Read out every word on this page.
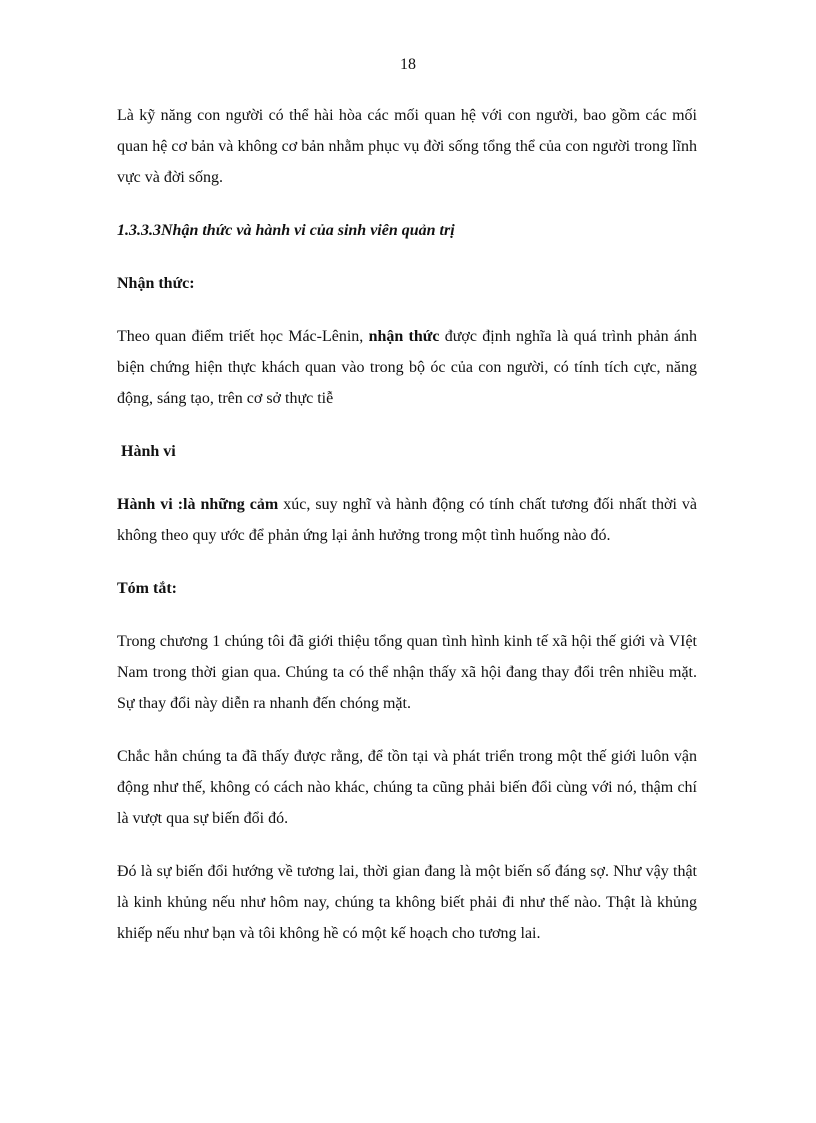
18

Là kỹ năng con người có thể hài hòa các mối quan hệ với con người, bao gồm các mối quan hệ cơ bản và không cơ bản nhằm phục vụ đời sống tổng thể của con người trong lĩnh vực và đời sống.

1.3.3.3Nhận thức và hành vi của sinh viên quản trị

Nhận thức:

Theo quan điểm triết học Mác-Lênin, nhận thức được định nghĩa là quá trình phản ánh biện chứng hiện thực khách quan vào trong bộ óc của con người, có tính tích cực, năng động, sáng tạo, trên cơ sở thực tiễ

Hành vi

Hành vi :là những cảm xúc, suy nghĩ và hành động có tính chất tương đối nhất thời và không theo quy ước để phản ứng lại ảnh hưởng trong một tình huống nào đó.

Tóm tắt:

Trong chương 1 chúng tôi đã giới thiệu tổng quan tình hình kinh tế xã hội thế giới và VIệt Nam trong thời gian qua. Chúng ta có thể nhận thấy xã hội đang thay đổi trên nhiều mặt. Sự thay đổi này diễn ra nhanh đến chóng mặt.

Chắc hẳn chúng ta đã thấy được rằng, để tồn tại và phát triển trong một thế giới luôn vận động như thế, không có cách nào khác, chúng ta cũng phải biến đổi cùng với nó, thậm chí là vượt qua sự biến đổi đó.

Đó là sự biến đổi hướng về tương lai, thời gian đang là một biến số đáng sợ. Như vậy thật là kinh khủng nếu như hôm nay, chúng ta không biết phải đi như thế nào. Thật là khủng khiếp nếu như bạn và tôi không hề có một kế hoạch cho tương lai.
